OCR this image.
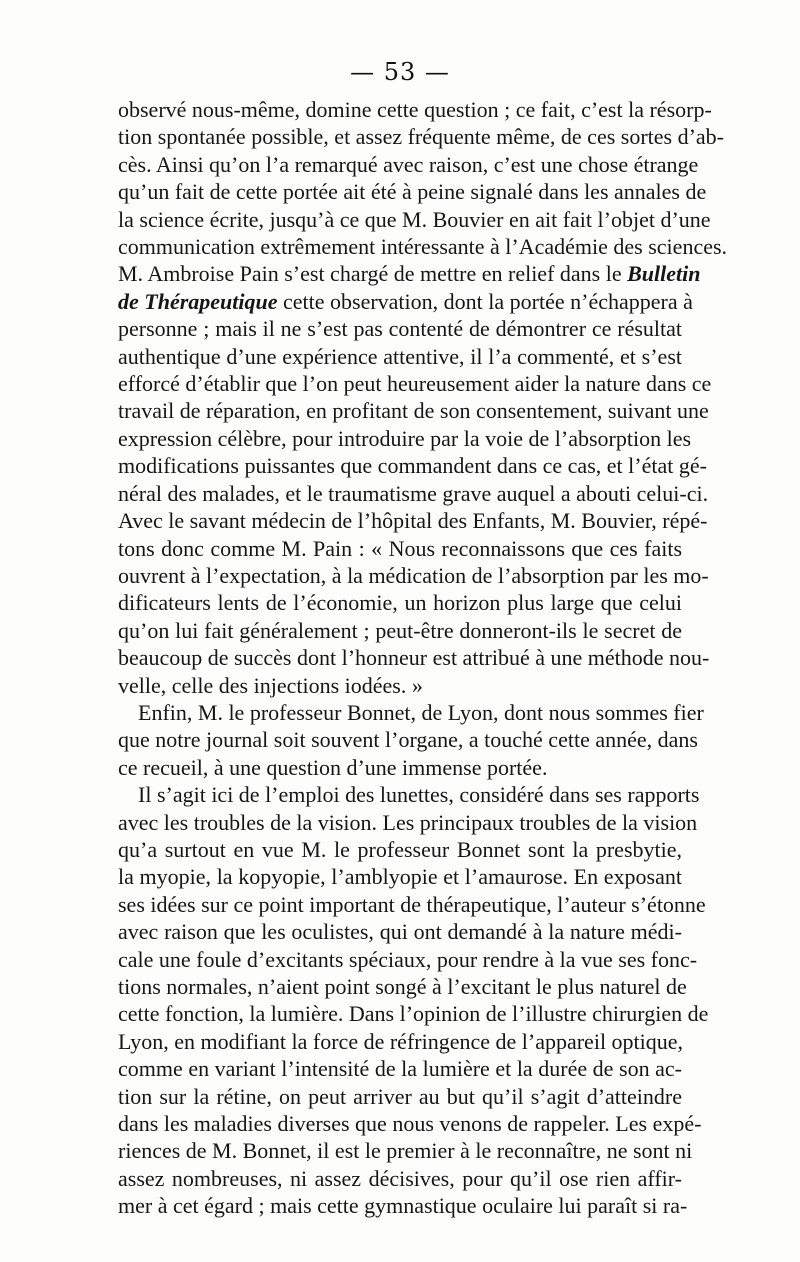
— 53 —
observé nous-même, domine cette question ; ce fait, c’est la résorp-
tion spontanée possible, et assez fréquente même, de ces sortes d’ab-
cès. Ainsi qu’on l’a remarqué avec raison, c’est une chose étrange
qu’un fait de cette portée ait été à peine signalé dans les annales de
la science écrite, jusqu’à ce que M. Bouvier en ait fait l’objet d’une
communication extrêmement intéressante à l’Académie des sciences.
M. Ambroise Pain s’est chargé de mettre en relief dans le Bulletin
de Thérapeutique cette observation, dont la portée n’échappera à
personne ; mais il ne s’est pas contenté de démontrer ce résultat
authentique d’une expérience attentive, il l’a commenté, et s’est
efforcé d’établir que l’on peut heureusement aider la nature dans ce
travail de réparation, en profitant de son consentement, suivant une
expression célèbre, pour introduire par la voie de l’absorption les
modifications puissantes que commandent dans ce cas, et l’état gé-
néral des malades, et le traumatisme grave auquel a abouti celui-ci.
Avec le savant médecin de l’hôpital des Enfants, M. Bouvier, répé-
tons donc comme M. Pain : « Nous reconnaissons que ces faits
ouvrent à l’expectation, à la médication de l’absorption par les mo-
dificateurs lents de l’économie, un horizon plus large que celui
qu’on lui fait généralement ; peut-être donneront-ils le secret de
beaucoup de succès dont l’honneur est attribué à une méthode nou-
velle, celle des injections iodées. »
Enfin, M. le professeur Bonnet, de Lyon, dont nous sommes fier
que notre journal soit souvent l’organe, a touché cette année, dans
ce recueil, à une question d’une immense portée.
Il s’agit ici de l’emploi des lunettes, considéré dans ses rapports
avec les troubles de la vision. Les principaux troubles de la vision
qu’a surtout en vue M. le professeur Bonnet sont la presbytie,
la myopie, la kopyopie, l’amblyopie et l’amaurose. En exposant
ses idées sur ce point important de thérapeutique, l’auteur s’étonne
avec raison que les oculistes, qui ont demandé à la nature médi-
cale une foule d’excitants spéciaux, pour rendre à la vue ses fonc-
tions normales, n’aient point songé à l’excitant le plus naturel de
cette fonction, la lumière. Dans l’opinion de l’illustre chirurgien de
Lyon, en modifiant la force de réfringence de l’appareil optique,
comme en variant l’intensité de la lumière et la durée de son ac-
tion sur la rétine, on peut arriver au but qu’il s’agit d’atteindre
dans les maladies diverses que nous venons de rappeler. Les expé-
riences de M. Bonnet, il est le premier à le reconnaître, ne sont ni
assez nombreuses, ni assez décisives, pour qu’il ose rien affir-
mer à cet égard ; mais cette gymnastique oculaire lui paraît si ra-
